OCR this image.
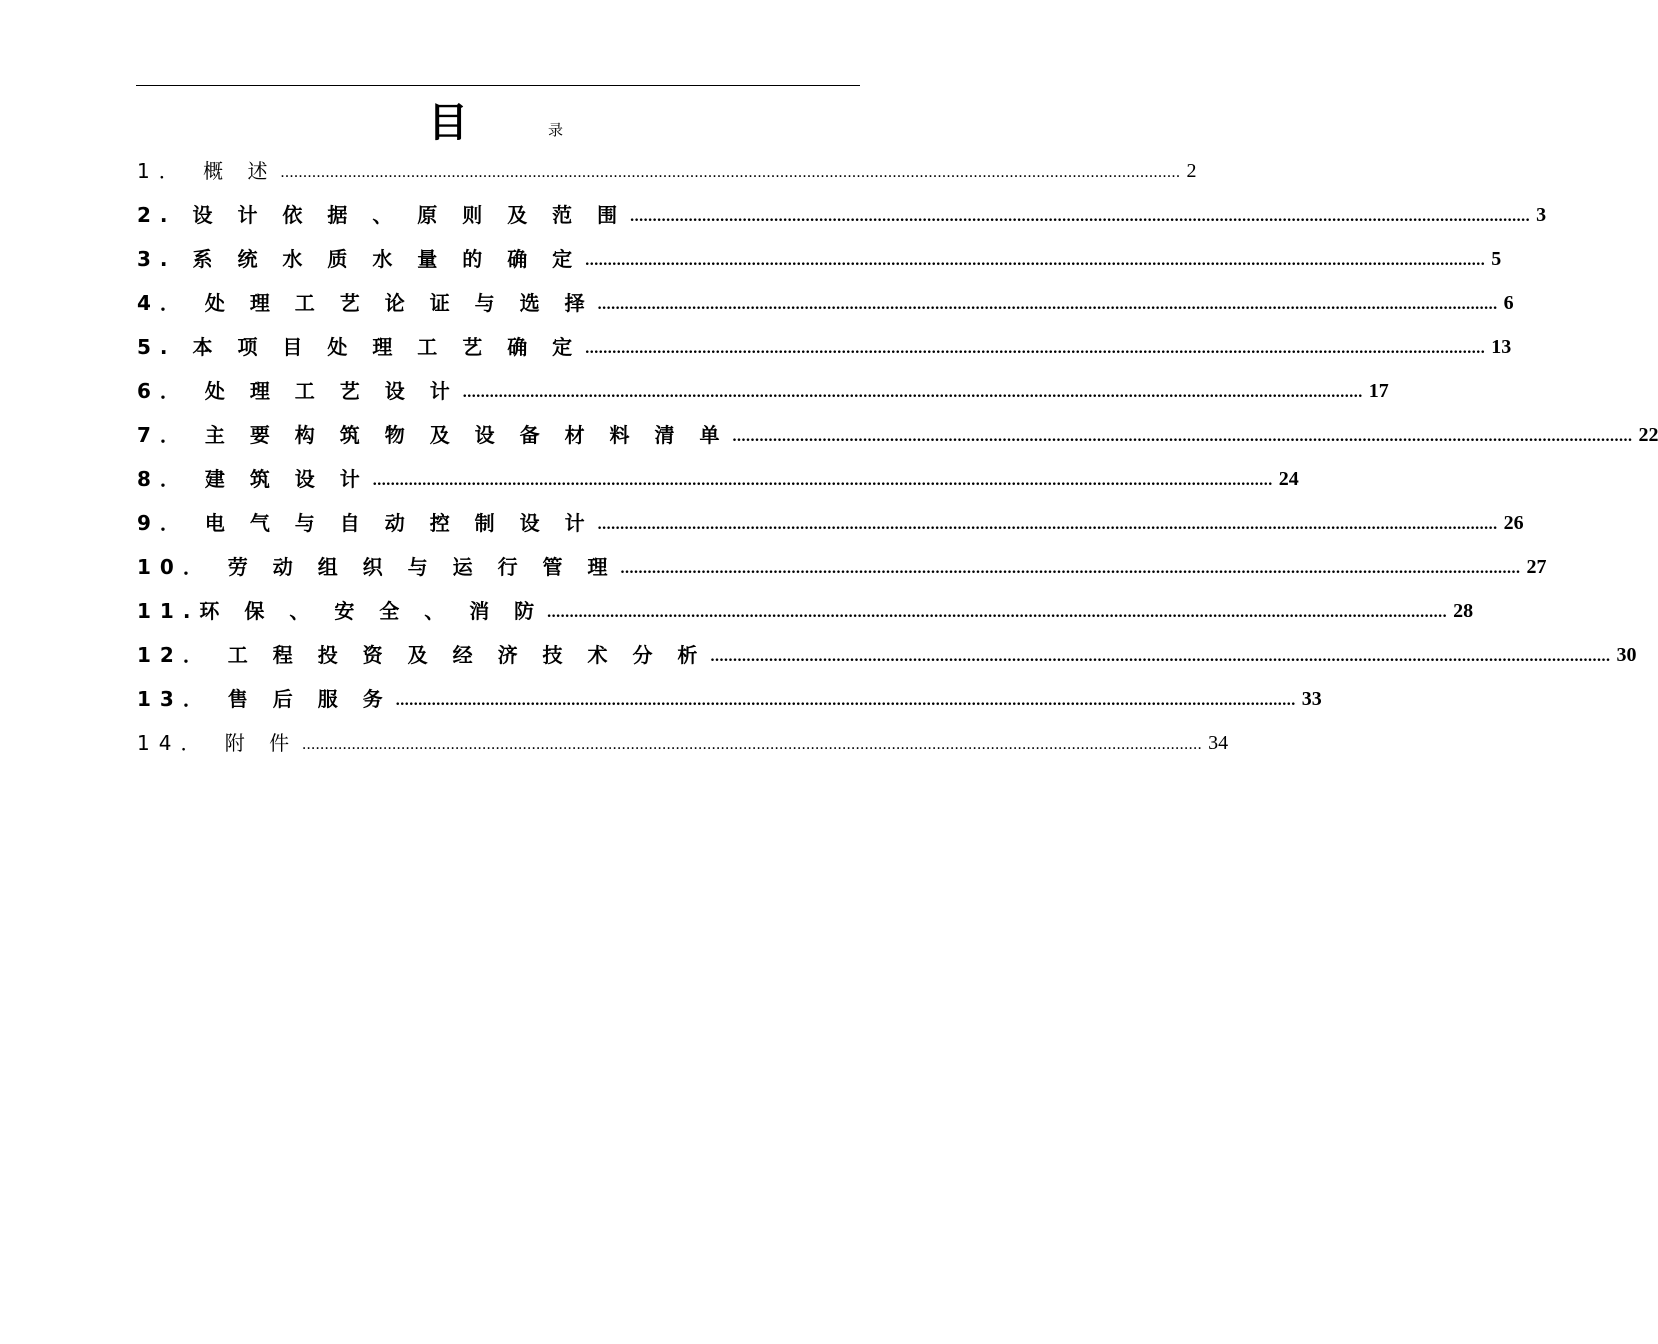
目	录
1． 概 述 ........................................................................................................................................................................................................ 2
2. 设 计 依 据 、 原 则 及 范 围 ........................................................................................................................................................................................................ 3
3. 系 统 水 质 水 量 的 确 定 ........................................................................................................................................................................................................ 5
4． 处 理 工 艺 论 证 与 选 择 ........................................................................................................................................................................................................ 6
5. 本 项 目 处 理 工 艺 确 定 ........................................................................................................................................................................................................ 13
6． 处 理 工 艺 设 计 ........................................................................................................................................................................................................ 17
7． 主 要 构 筑 物 及 设 备 材 料 清 单 ........................................................................................................................................................................................................ 22
8． 建 筑 设 计 ........................................................................................................................................................................................................ 24
9． 电 气 与 自 动 控 制 设 计 ........................................................................................................................................................................................................ 26
10． 劳 动 组 织 与 运 行 管 理 ........................................................................................................................................................................................................ 27
11.环 保 、 安 全 、 消 防 ........................................................................................................................................................................................................ 28
12． 工 程 投 资 及 经 济 技 术 分 析 ........................................................................................................................................................................................................ 30
13． 售 后 服 务 ........................................................................................................................................................................................................ 33
14． 附 件 ........................................................................................................................................................................................................ 34
